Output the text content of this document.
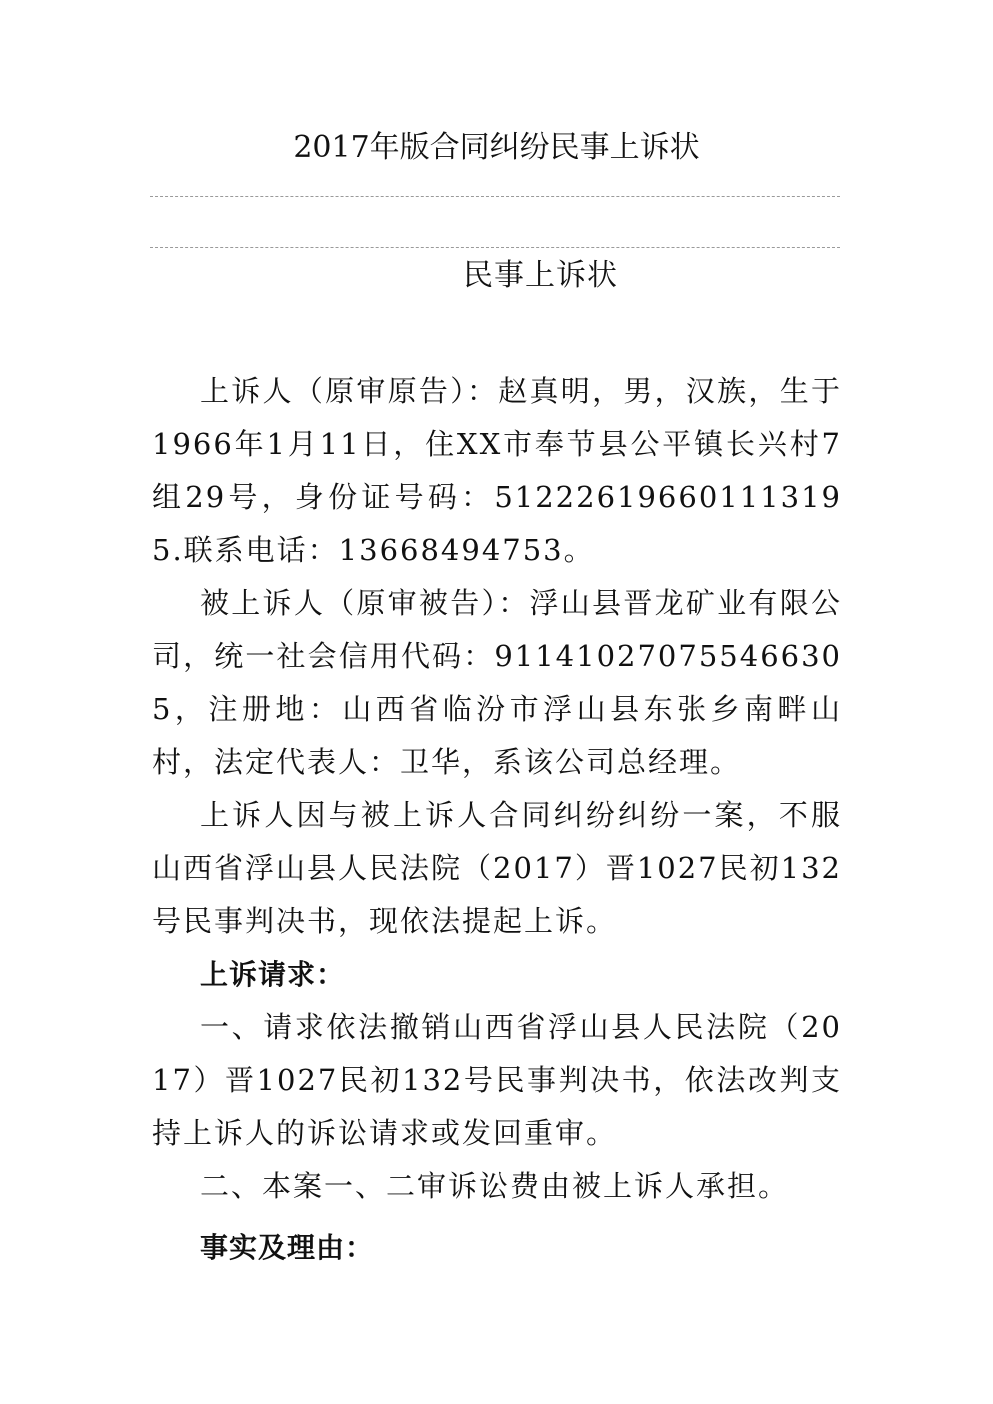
2017年版合同纠纷民事上诉状
民事上诉状

上诉人（原审原告）：赵真明，男，汉族，生于1966年1月11日，住XX市奉节县公平镇长兴村7组29号，身份证号码：512226196601113195.联系电话：13668494753。

被上诉人（原审被告）：浮山县晋龙矿业有限公司，统一社会信用代码：911410270755466305，注册地：山西省临汾市浮山县东张乡南畔山村，法定代表人：卫华，系该公司总经理。

上诉人因与被上诉人合同纠纷纠纷一案，不服山西省浮山县人民法院（2017）晋1027民初132号民事判决书，现依法提起上诉。

上诉请求：

一、请求依法撤销山西省浮山县人民法院（2017）晋1027民初132号民事判决书，依法改判支持上诉人的诉讼请求或发回重审。

二、本案一、二审诉讼费由被上诉人承担。

事实及理由：
